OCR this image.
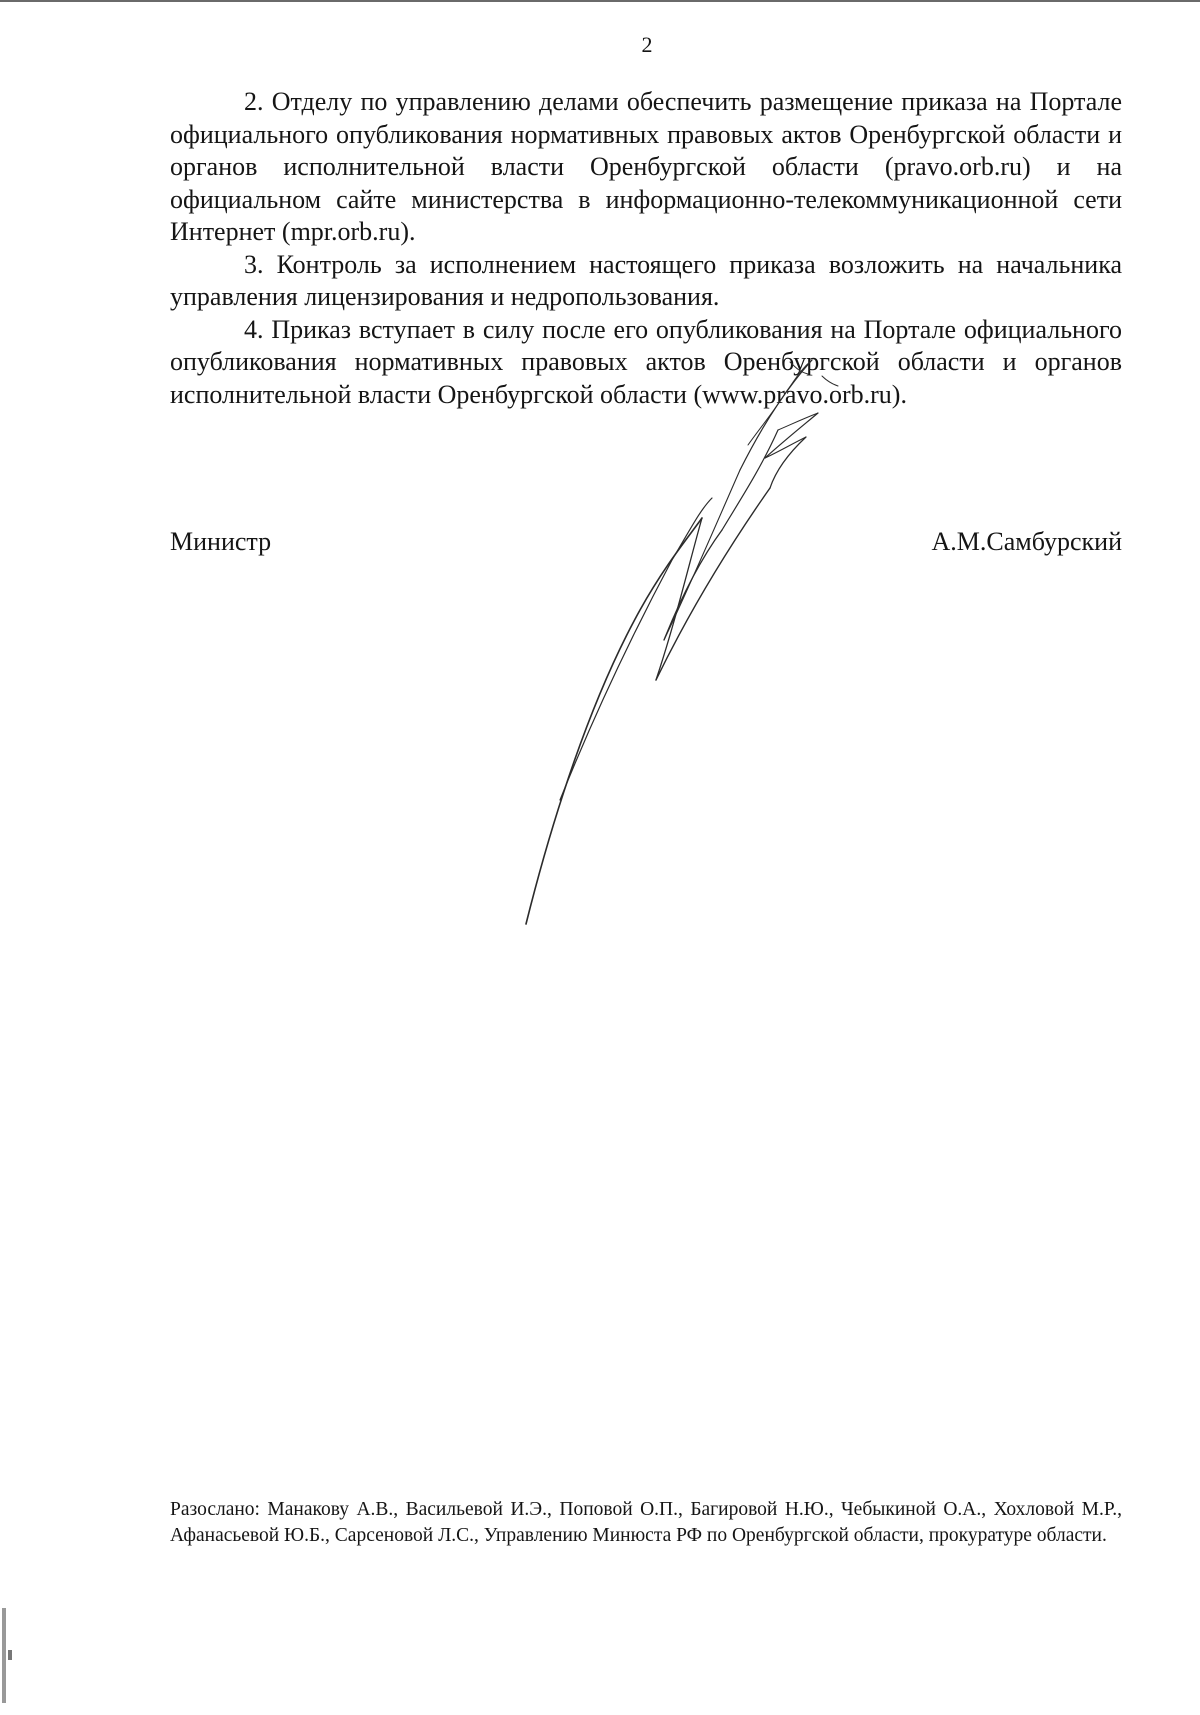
2

2. Отделу по управлению делами обеспечить размещение приказа на Портале официального опубликования нормативных правовых актов Оренбургской области и органов исполнительной власти Оренбургской области (pravo.orb.ru) и на официальном сайте министерства в информационно-телекоммуникационной сети Интернет (mpr.orb.ru).

3. Контроль за исполнением настоящего приказа возложить на начальника управления лицензирования и недропользования.

4. Приказ вступает в силу после его опубликования на Портале официального опубликования нормативных правовых актов Оренбургской области и органов исполнительной власти Оренбургской области (www.pravo.orb.ru).

Министр	А.М.Самбурский

Разослано: Манакову А.В., Васильевой И.Э., Поповой О.П., Багировой Н.Ю., Чебыкиной О.А., Хохловой М.Р., Афанасьевой Ю.Б., Сарсеновой Л.С., Управлению Минюста РФ по Оренбургской области, прокуратуре области.
